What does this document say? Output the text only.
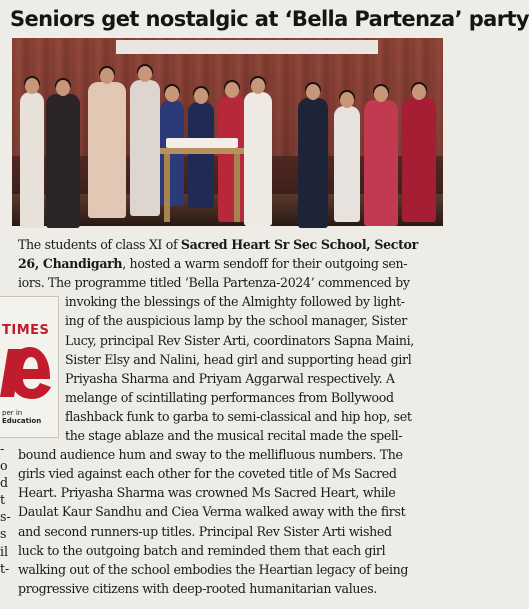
Seniors get nostalgic at ‘Bella Partenza’ party
The students of class XI of Sacred Heart Sr Sec School, Sector
26, Chandigarh, hosted a warm sendoff for their outgoing sen-
iors. The programme titled ‘Bella Partenza-2024’ commenced by
invoking the blessings of the Almighty followed by light-
ing of the auspicious lamp by the school manager, Sister
Lucy, principal Rev Sister Arti, coordinators Sapna Maini,
Sister Elsy and Nalini, head girl and supporting head girl
Priyasha Sharma and Priyam Aggarwal respectively. A
melange of scintillating performances from Bollywood
flashback funk to garba to semi-classical and hip hop, set
the stage ablaze and the musical recital made the spell-
bound audience hum and sway to the mellifluous numbers. The
girls vied against each other for the coveted title of Ms Sacred
Heart. Priyasha Sharma was crowned Ms Sacred Heart, while
Daulat Kaur Sandhu and Ciea Verma walked away with the first
and second runners-up titles. Principal Rev Sister Arti wished
luck to the outgoing batch and reminded them that each girl
walking out of the school embodies the Heartian legacy of being
progressive citizens with deep-rooted humanitarian values.
TIMES
per in
Education
-
o
d
t
s-
s
il
t-
